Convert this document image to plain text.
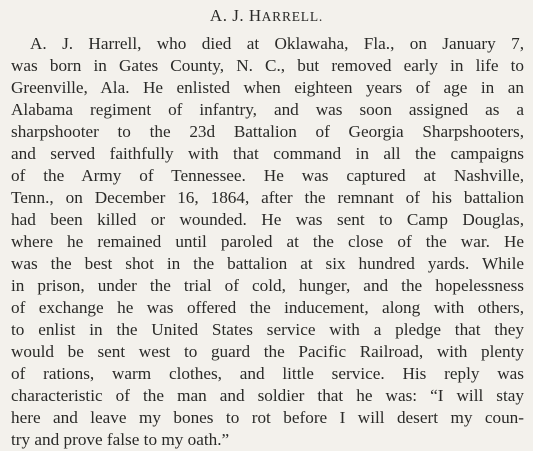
A. J. HARRELL.
A. J. Harrell, who died at Oklawaha, Fla., on January 7,
was born in Gates County, N. C., but removed early in life to
Greenville, Ala. He enlisted when eighteen years of age in an
Alabama regiment of infantry, and was soon assigned as a
sharpshooter to the 23d Battalion of Georgia Sharpshooters,
and served faithfully with that command in all the campaigns
of the Army of Tennessee. He was captured at Nashville,
Tenn., on December 16, 1864, after the remnant of his battalion
had been killed or wounded. He was sent to Camp Douglas,
where he remained until paroled at the close of the war. He
was the best shot in the battalion at six hundred yards. While
in prison, under the trial of cold, hunger, and the hopelessness
of exchange he was offered the inducement, along with others,
to enlist in the United States service with a pledge that they
would be sent west to guard the Pacific Railroad, with plenty
of rations, warm clothes, and little service. His reply was
characteristic of the man and soldier that he was: “I will stay
here and leave my bones to rot before I will desert my coun-
try and prove false to my oath.”
